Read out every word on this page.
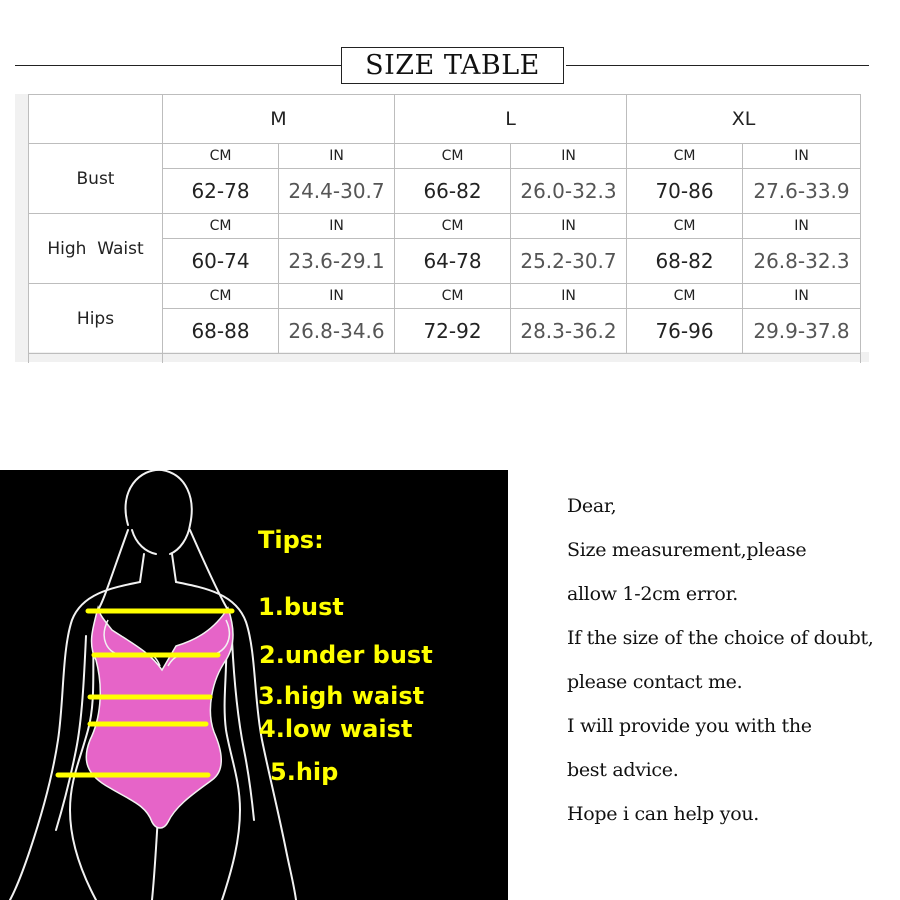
SIZE TABLE
	M		L		XL	
Bust	CM	IN	CM	IN	CM	IN
	62-78	24.4-30.7	66-82	26.0-32.3	70-86	27.6-33.9
High  Waist	CM	IN	CM	IN	CM	IN
	60-74	23.6-29.1	64-78	25.2-30.7	68-82	26.8-32.3
Hips	CM	IN	CM	IN	CM	IN
	68-88	26.8-34.6	72-92	28.3-36.2	76-96	29.9-37.8

Tips:
1.bust
2.under bust
3.high waist
4.low waist
5.hip
Dear,
Size measurement,please
allow 1-2cm error.
If the size of the choice of doubt,
please contact me.
I will provide you with the
best advice.
Hope i can help you.
